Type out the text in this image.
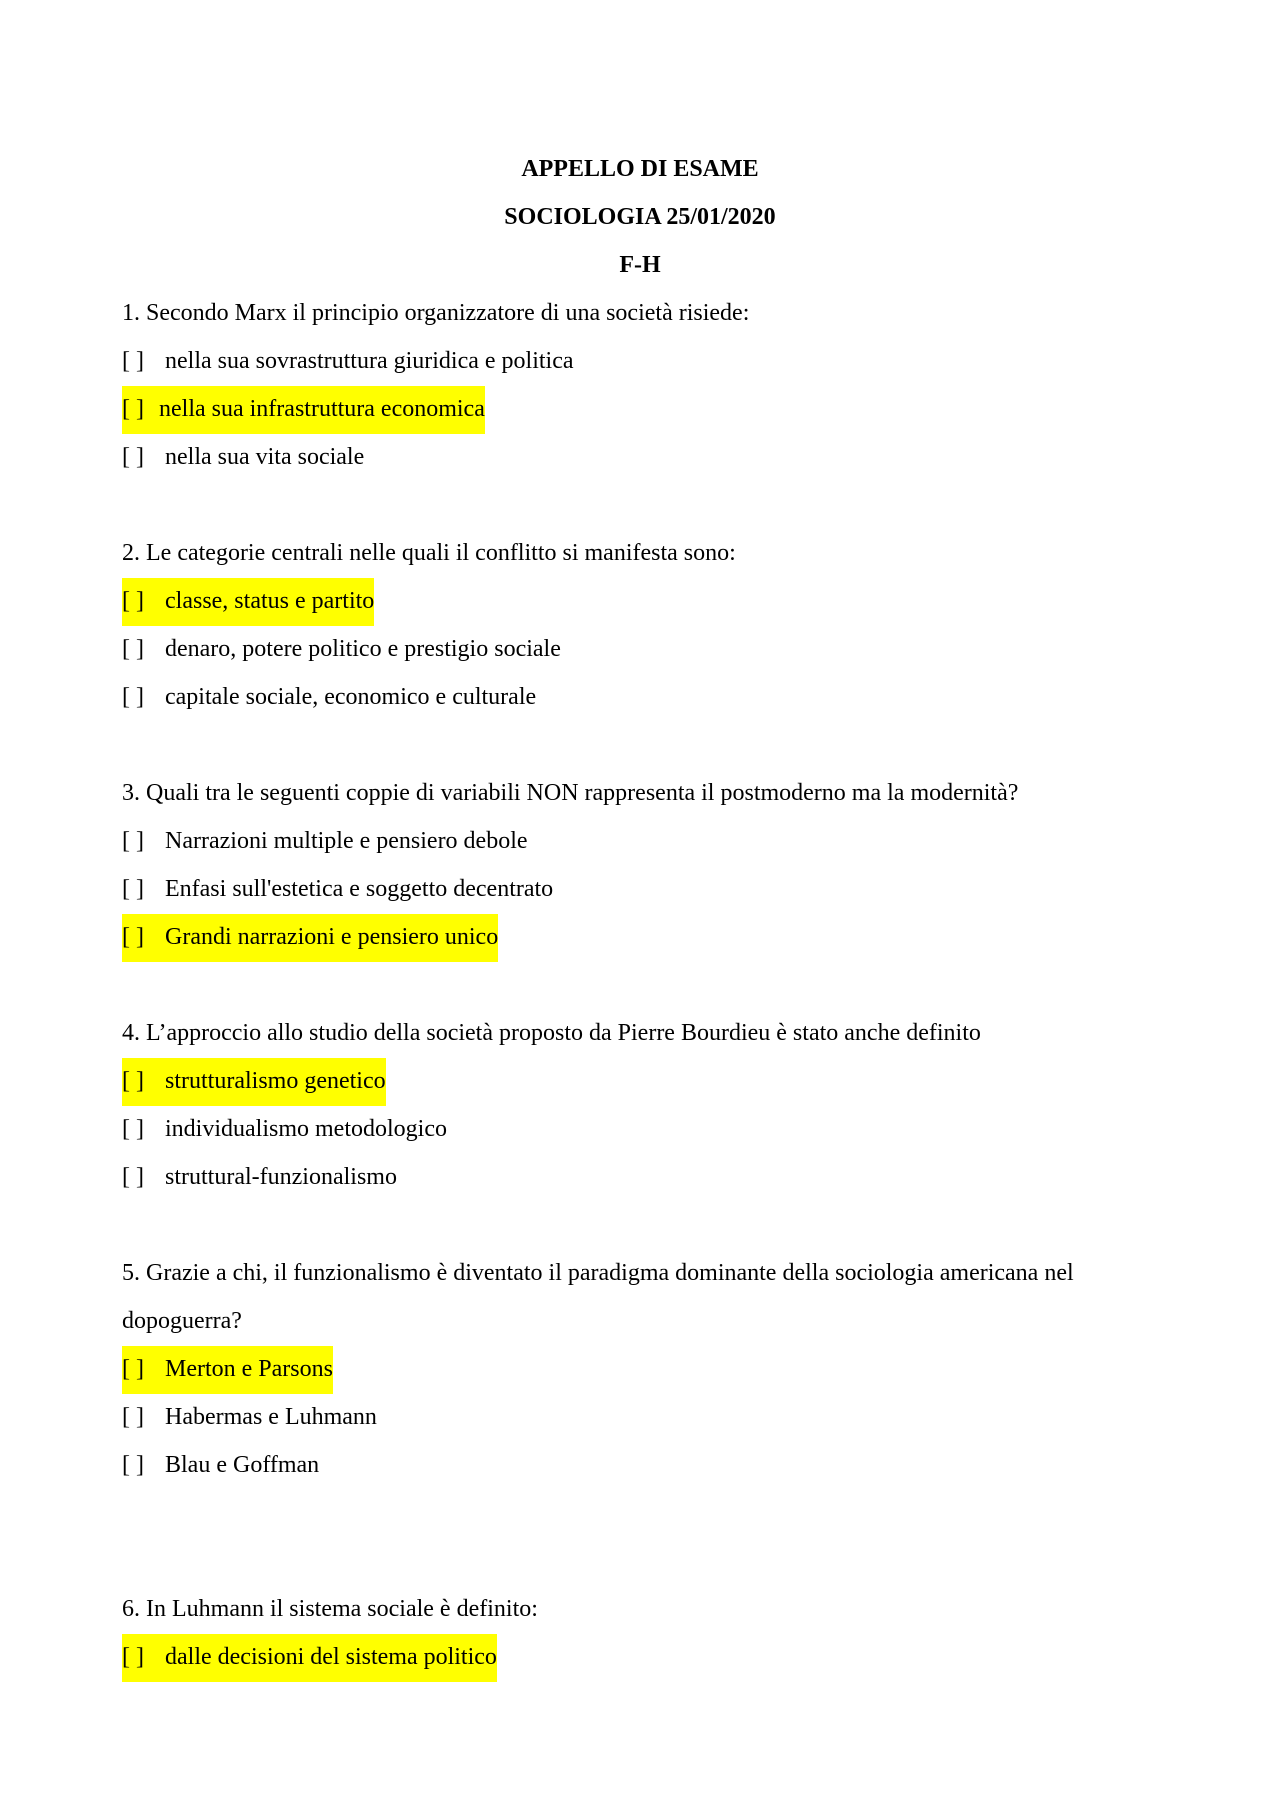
APPELLO DI ESAME
SOCIOLOGIA 25/01/2020
F-H
1. Secondo Marx il principio organizzatore di una società risiede:
[ ] nella sua sovrastruttura giuridica e politica
[ ] nella sua infrastruttura economica
[ ] nella sua vita sociale
2. Le categorie centrali nelle quali il conflitto si manifesta sono:
[ ] classe, status e partito
[ ] denaro, potere politico e prestigio sociale
[ ] capitale sociale, economico e culturale
3. Quali tra le seguenti coppie di variabili NON rappresenta il postmoderno ma la modernità?
[ ] Narrazioni multiple e pensiero debole
[ ] Enfasi sull'estetica e soggetto decentrato
[ ] Grandi narrazioni e pensiero unico
4. L’approccio allo studio della società proposto da Pierre Bourdieu è stato anche definito
[ ] strutturalismo genetico
[ ] individualismo metodologico
[ ] struttural-funzionalismo
5. Grazie a chi, il funzionalismo è diventato il paradigma dominante della sociologia americana nel
dopoguerra?
[ ] Merton e Parsons
[ ] Habermas e Luhmann
[ ] Blau e Goffman
6. In Luhmann il sistema sociale è definito:
[ ] dalle decisioni del sistema politico
